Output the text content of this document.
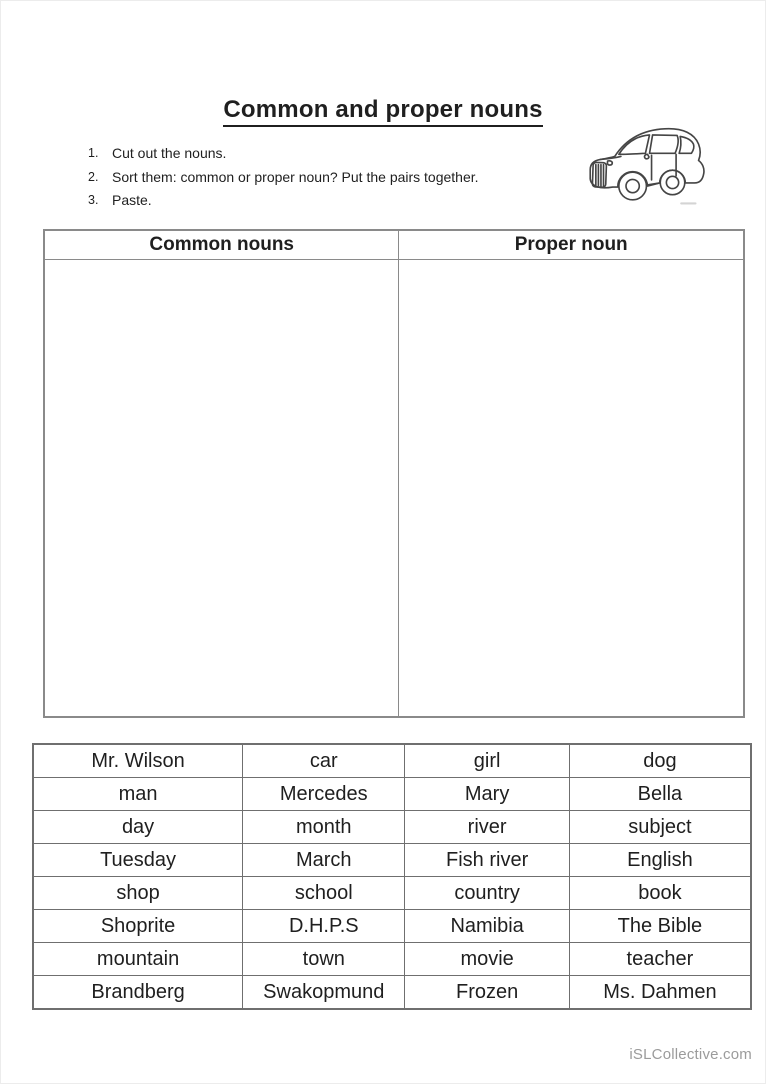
Common and proper nouns
1. Cut out the nouns.
2. Sort them: common or proper noun? Put the pairs together.
3. Paste.
Common nouns	Proper noun

Mr. Wilson	car	girl	dog
man	Mercedes	Mary	Bella
day	month	river	subject
Tuesday	March	Fish river	English
shop	school	country	book
Shoprite	D.H.P.S	Namibia	The Bible
mountain	town	movie	teacher
Brandberg	Swakopmund	Frozen	Ms. Dahmen
iSLCollective.com
